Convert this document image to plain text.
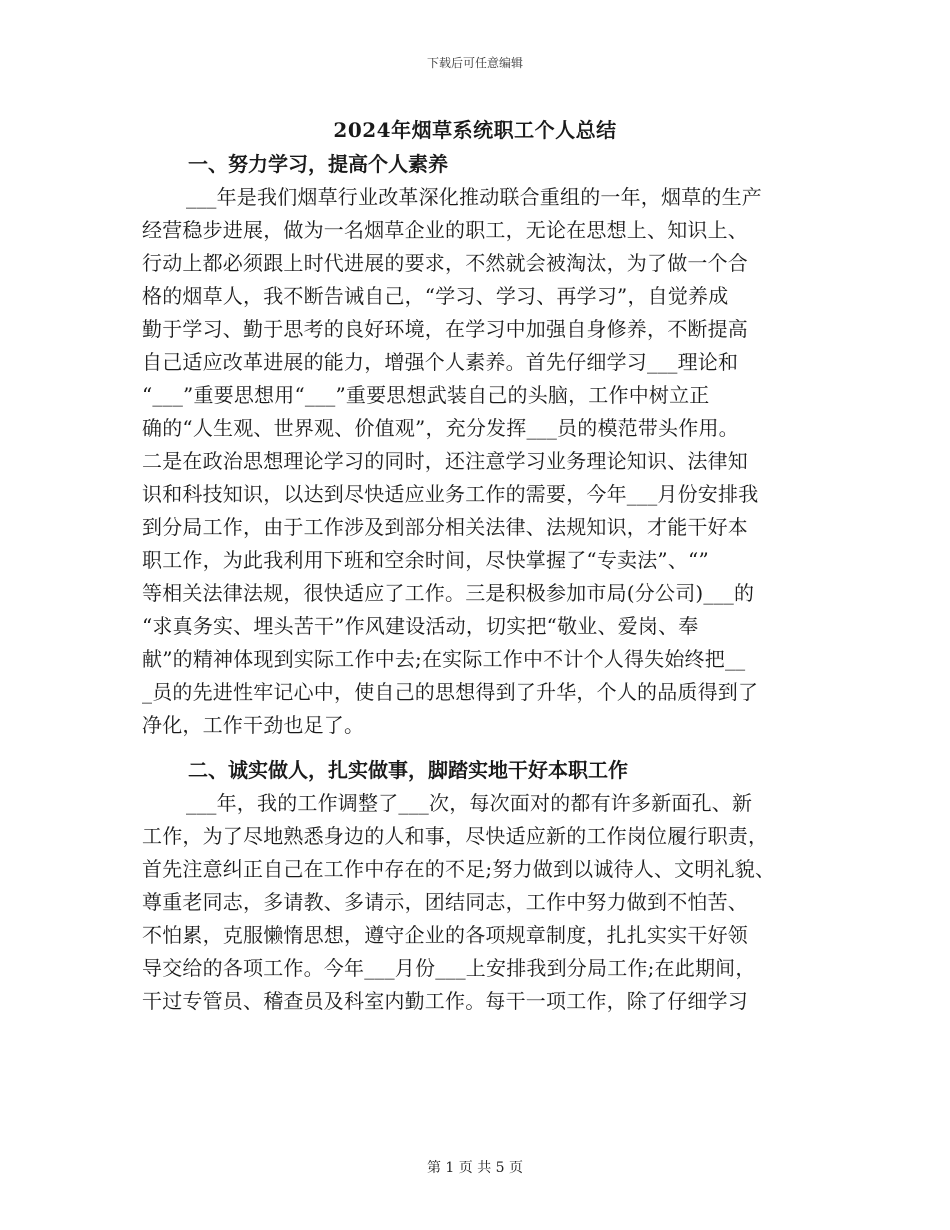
下载后可任意编辑
2024年烟草系统职工个人总结
一、努力学习，提高个人素养
___年是我们烟草行业改革深化推动联合重组的一年，烟草的生产
经营稳步进展，做为一名烟草企业的职工，无论在思想上、知识上、
行动上都必须跟上时代进展的要求，不然就会被淘汰，为了做一个合
格的烟草人，我不断告诫自己，“学习、学习、再学习”，自觉养成
勤于学习、勤于思考的良好环境，在学习中加强自身修养，不断提高
自己适应改革进展的能力，增强个人素养。首先仔细学习___理论和
“___”重要思想用“___”重要思想武装自己的头脑，工作中树立正
确的“人生观、世界观、价值观”，充分发挥___员的模范带头作用。
二是在政治思想理论学习的同时，还注意学习业务理论知识、法律知
识和科技知识，以达到尽快适应业务工作的需要，今年___月份安排我
到分局工作，由于工作涉及到部分相关法律、法规知识，才能干好本
职工作，为此我利用下班和空余时间，尽快掌握了“专卖法”、“”
等相关法律法规，很快适应了工作。三是积极参加市局(分公司)___的
“求真务实、埋头苦干”作风建设活动，切实把“敬业、爱岗、奉
献”的精神体现到实际工作中去;在实际工作中不计个人得失始终把__
_员的先进性牢记心中，使自己的思想得到了升华，个人的品质得到了
净化，工作干劲也足了。
二、诚实做人，扎实做事，脚踏实地干好本职工作
___年，我的工作调整了___次，每次面对的都有许多新面孔、新
工作，为了尽地熟悉身边的人和事，尽快适应新的工作岗位履行职责，
首先注意纠正自己在工作中存在的不足;努力做到以诚待人、文明礼貌、
尊重老同志，多请教、多请示，团结同志，工作中努力做到不怕苦、
不怕累，克服懒惰思想，遵守企业的各项规章制度，扎扎实实干好领
导交给的各项工作。今年___月份___上安排我到分局工作;在此期间，
干过专管员、稽查员及科室内勤工作。每干一项工作，除了仔细学习
第 1 页 共 5 页
